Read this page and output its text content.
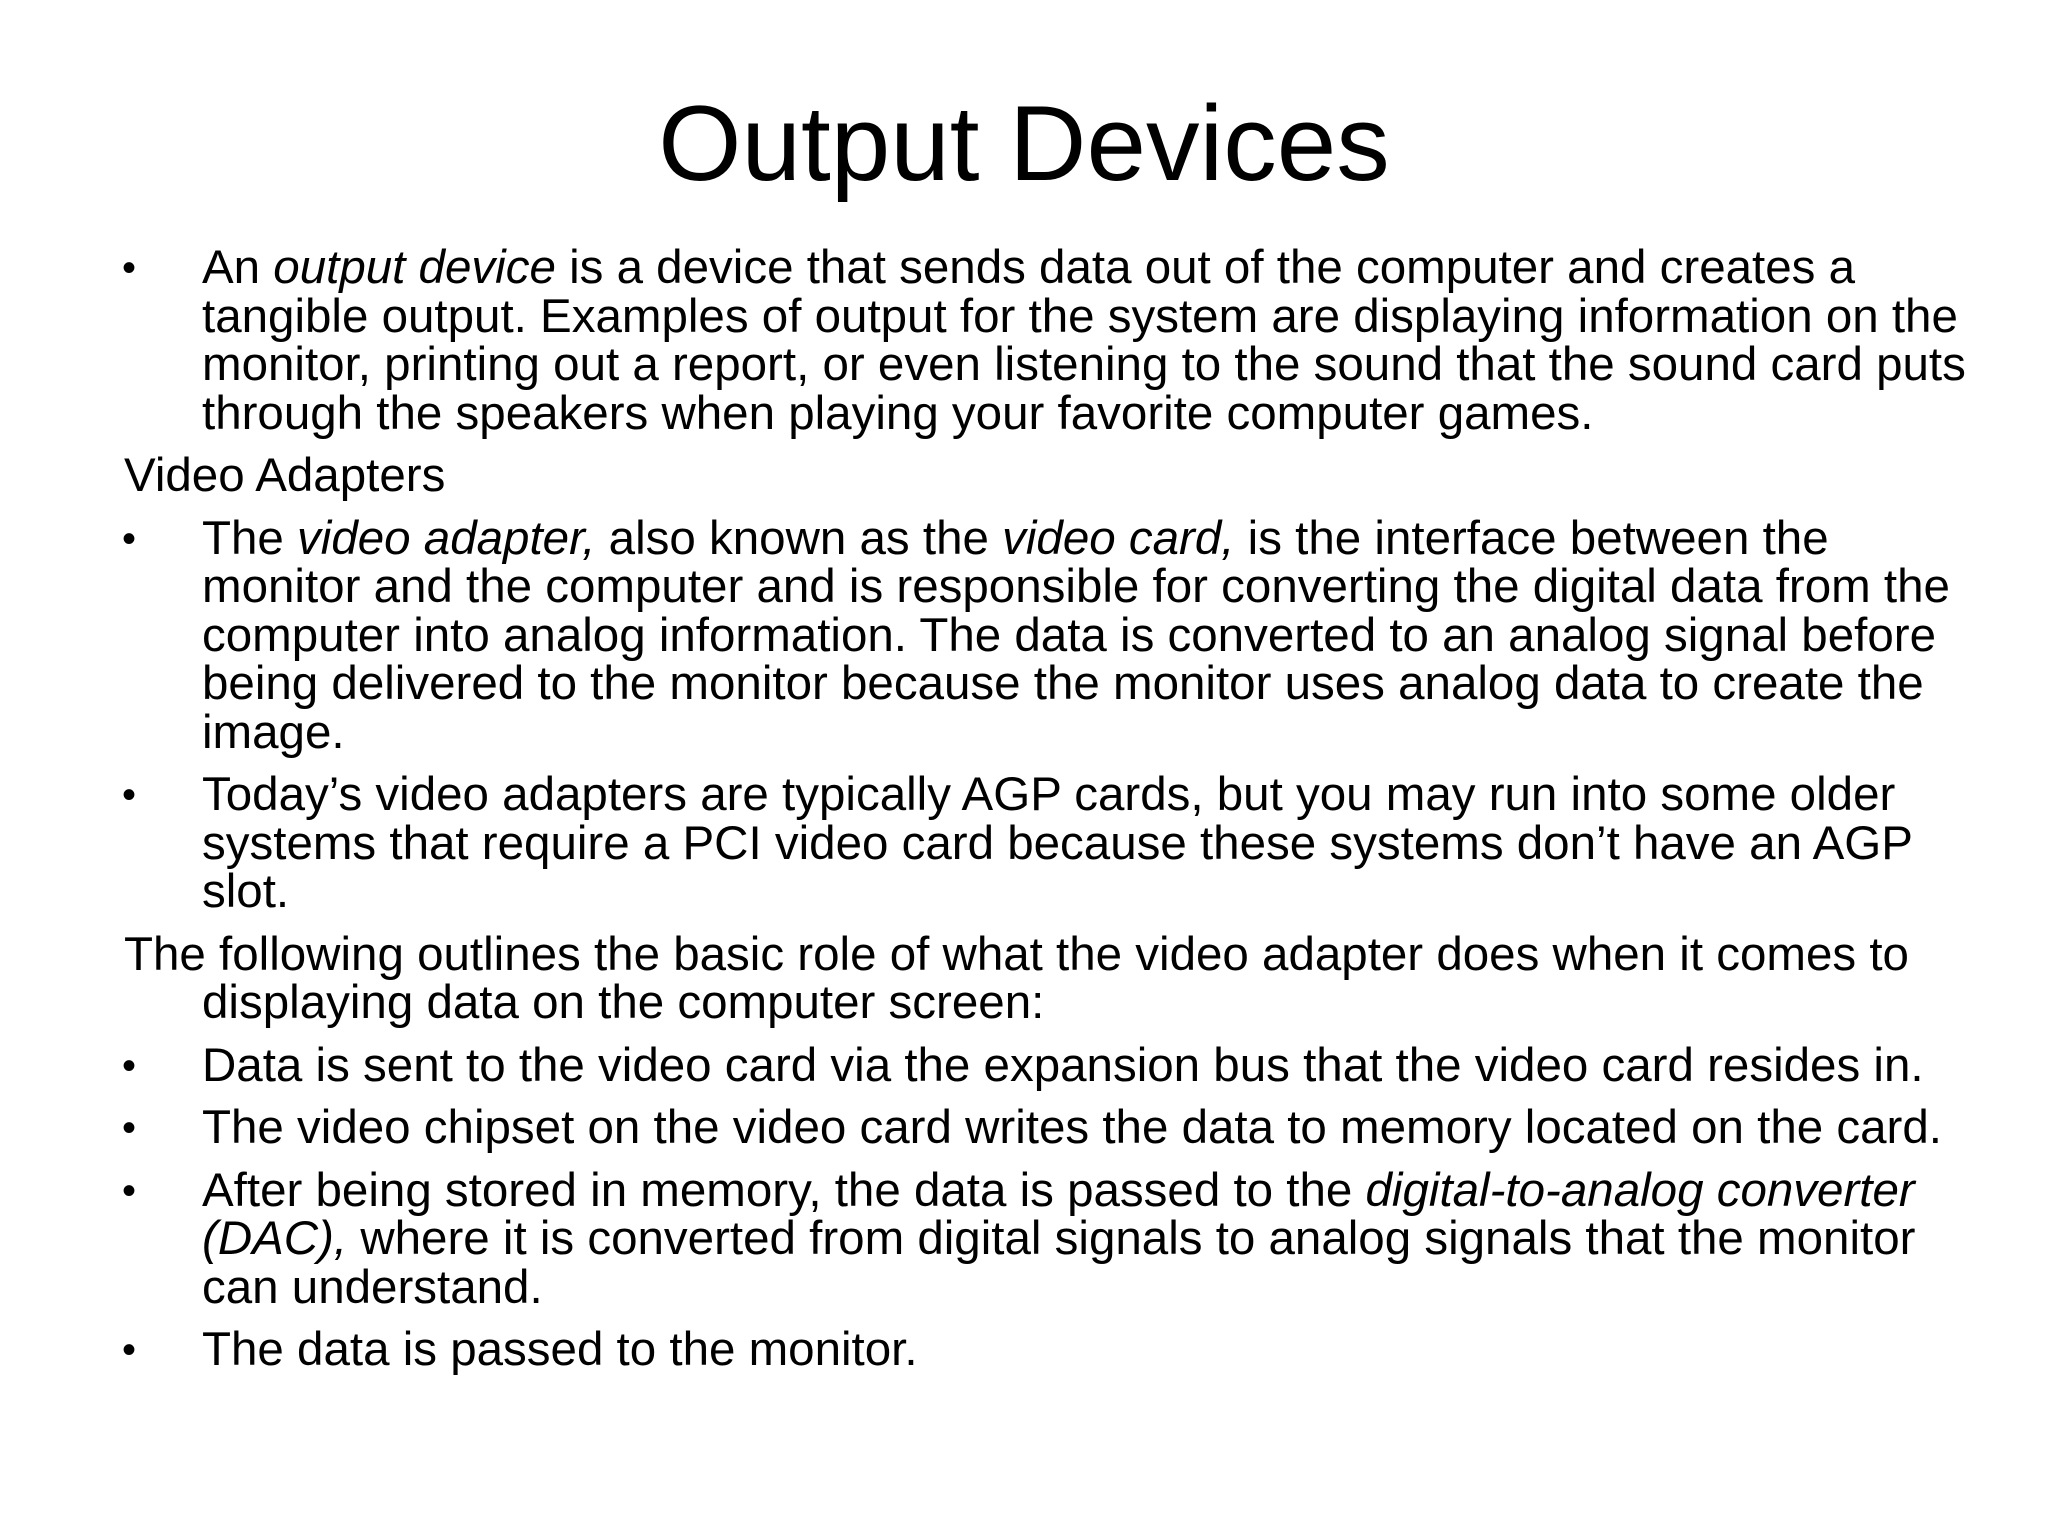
Output Devices
• An output device is a device that sends data out of the computer and creates a tangible output. Examples of output for the system are displaying information on the monitor, printing out a report, or even listening to the sound that the sound card puts through the speakers when playing your favorite computer games.
Video Adapters
• The video adapter, also known as the video card, is the interface between the monitor and the computer and is responsible for converting the digital data from the computer into analog information. The data is converted to an analog signal before being delivered to the monitor because the monitor uses analog data to create the image.
• Today’s video adapters are typically AGP cards, but you may run into some older systems that require a PCI video card because these systems don’t have an AGP slot.
The following outlines the basic role of what the video adapter does when it comes to displaying data on the computer screen:
• Data is sent to the video card via the expansion bus that the video card resides in.
• The video chipset on the video card writes the data to memory located on the card.
• After being stored in memory, the data is passed to the digital-to-analog converter (DAC), where it is converted from digital signals to analog signals that the monitor can understand.
• The data is passed to the monitor.
